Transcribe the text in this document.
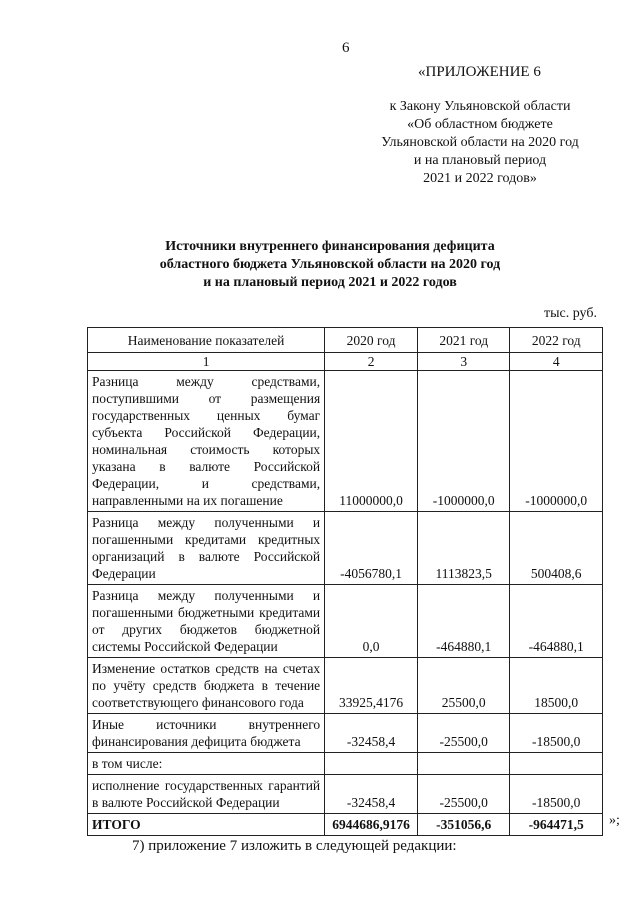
6
«ПРИЛОЖЕНИЕ 6
к Закону Ульяновской области
«Об областном бюджете
Ульяновской области на 2020 год
и на плановый период
2021 и 2022 годов»
Источники внутреннего финансирования дефицита
областного бюджета Ульяновской области на 2020 год
и на плановый период 2021 и 2022 годов
тыс. руб.
Наименование показателей	2020 год	2021 год	2022 год
1	2	3	4
Разница между средствами, поступившими от размещения государственных ценных бумаг субъекта Российской Федерации, номинальная стоимость которых указана в валюте Российской Федерации, и средствами, направленными на их погашение	11000000,0	-1000000,0	-1000000,0
Разница между полученными и погашенными кредитами кредитных организаций в валюте Российской Федерации	-4056780,1	1113823,5	500408,6
Разница между полученными и погашенными бюджетными кредитами от других бюджетов бюджетной системы Российской Федерации	0,0	-464880,1	-464880,1
Изменение остатков средств на счетах по учёту средств бюджета в течение соответствующего финансового года	33925,4176	25500,0	18500,0
Иные источники внутреннего финансирования дефицита бюджета	-32458,4	-25500,0	-18500,0
в том числе:			
исполнение государственных гарантий в валюте Российской Федерации	-32458,4	-25500,0	-18500,0
ИТОГО	6944686,9176	-351056,6	-964471,5 »;
7) приложение 7 изложить в следующей редакции:
